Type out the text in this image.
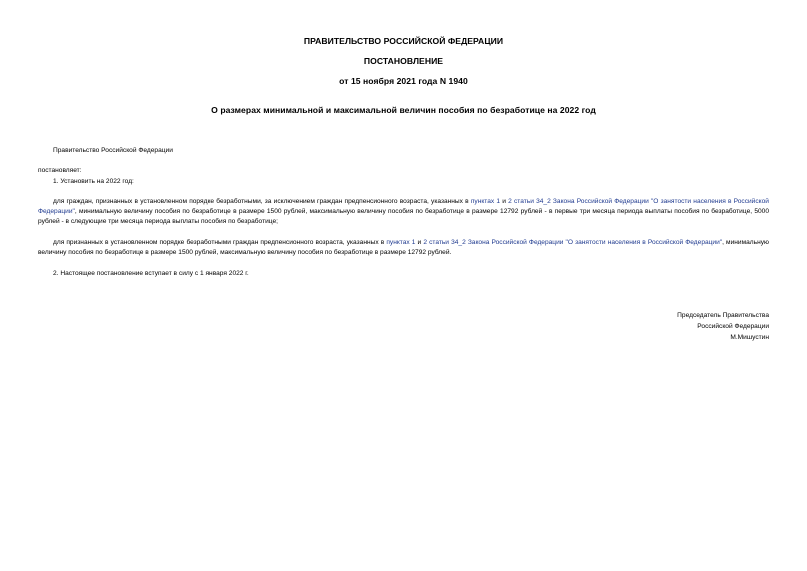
ПРАВИТЕЛЬСТВО РОССИЙСКОЙ ФЕДЕРАЦИИ
ПОСТАНОВЛЕНИЕ
от 15 ноября 2021 года N 1940
О размерах минимальной и максимальной величин пособия по безработице на 2022 год
Правительство Российской Федерации
постановляет:
1. Установить на 2022 год:
для граждан, признанных в установленном порядке безработными, за исключением граждан предпенсионного возраста, указанных в пунктах 1 и 2 статьи 34_2 Закона Российской Федерации "О занятости населения в Российской Федерации", минимальную величину пособия по безработице в размере 1500 рублей, максимальную величину пособия по безработице в размере 12792 рублей - в первые три месяца периода выплаты пособия по безработице, 5000 рублей - в следующие три месяца периода выплаты пособия по безработице;
для признанных в установленном порядке безработными граждан предпенсионного возраста, указанных в пунктах 1 и 2 статьи 34_2 Закона Российской Федерации "О занятости населения в Российской Федерации", минимальную величину пособия по безработице в размере 1500 рублей, максимальную величину пособия по безработице в размере 12792 рублей.
2. Настоящее постановление вступает в силу с 1 января 2022 г.
Председатель Правительства
Российской Федерации
М.Мишустин
